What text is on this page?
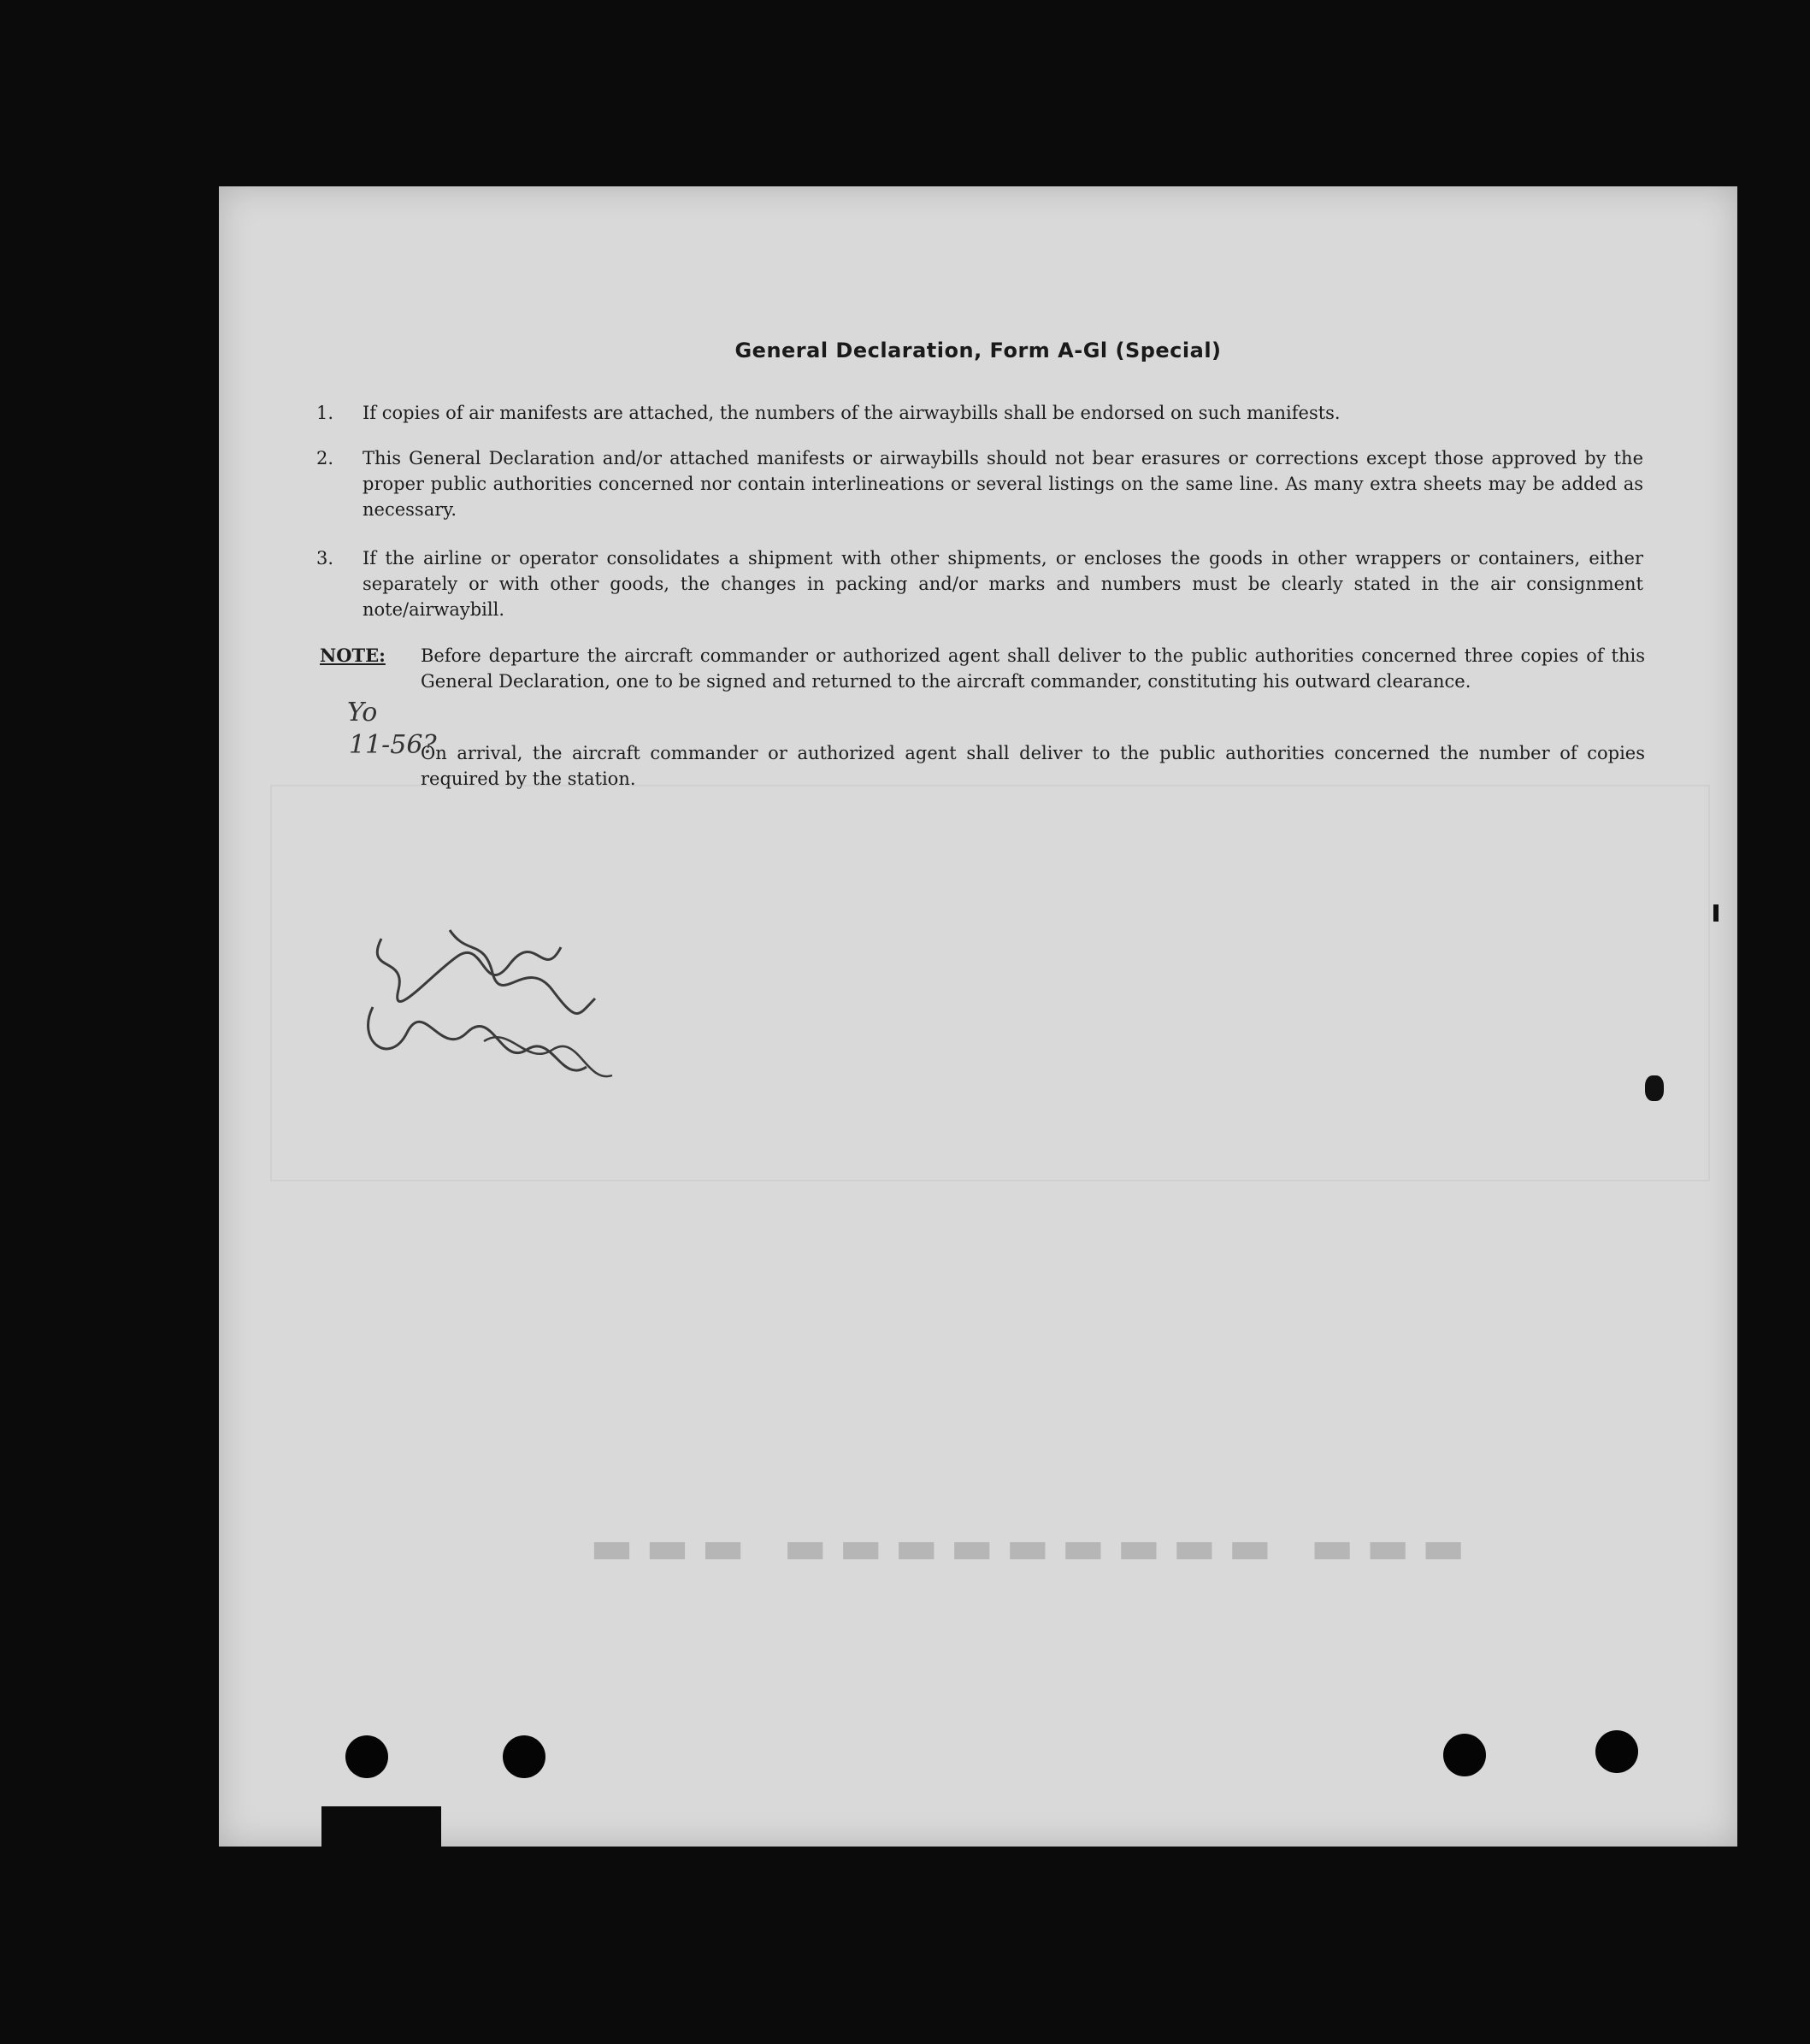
▬▬▬ ▬▬▬▬▬▬▬▬▬ ▬▬▬
General Declaration, Form A-Gl (Special)
1. If copies of air manifests are attached, the numbers of the airwaybills shall be endorsed on such manifests.
2. This General Declaration and/or attached manifests or airwaybills should not bear erasures or corrections except those approved by the proper public authorities concerned nor contain interlineations or several listings on the same line. As many extra sheets may be added as necessary.
3. If the airline or operator consolidates a shipment with other shipments, or encloses the goods in other wrappers or containers, either separately or with other goods, the changes in packing and/or marks and numbers must be clearly stated in the air consignment note/airwaybill.
NOTE: Before departure the aircraft commander or authorized agent shall deliver to the public authorities concerned three copies of this General Declaration, one to be signed and returned to the aircraft commander, constituting his outward clearance.
On arrival, the aircraft commander or authorized agent shall deliver to the public authorities concerned the number of copies required by the station.
Yo
11-56?
